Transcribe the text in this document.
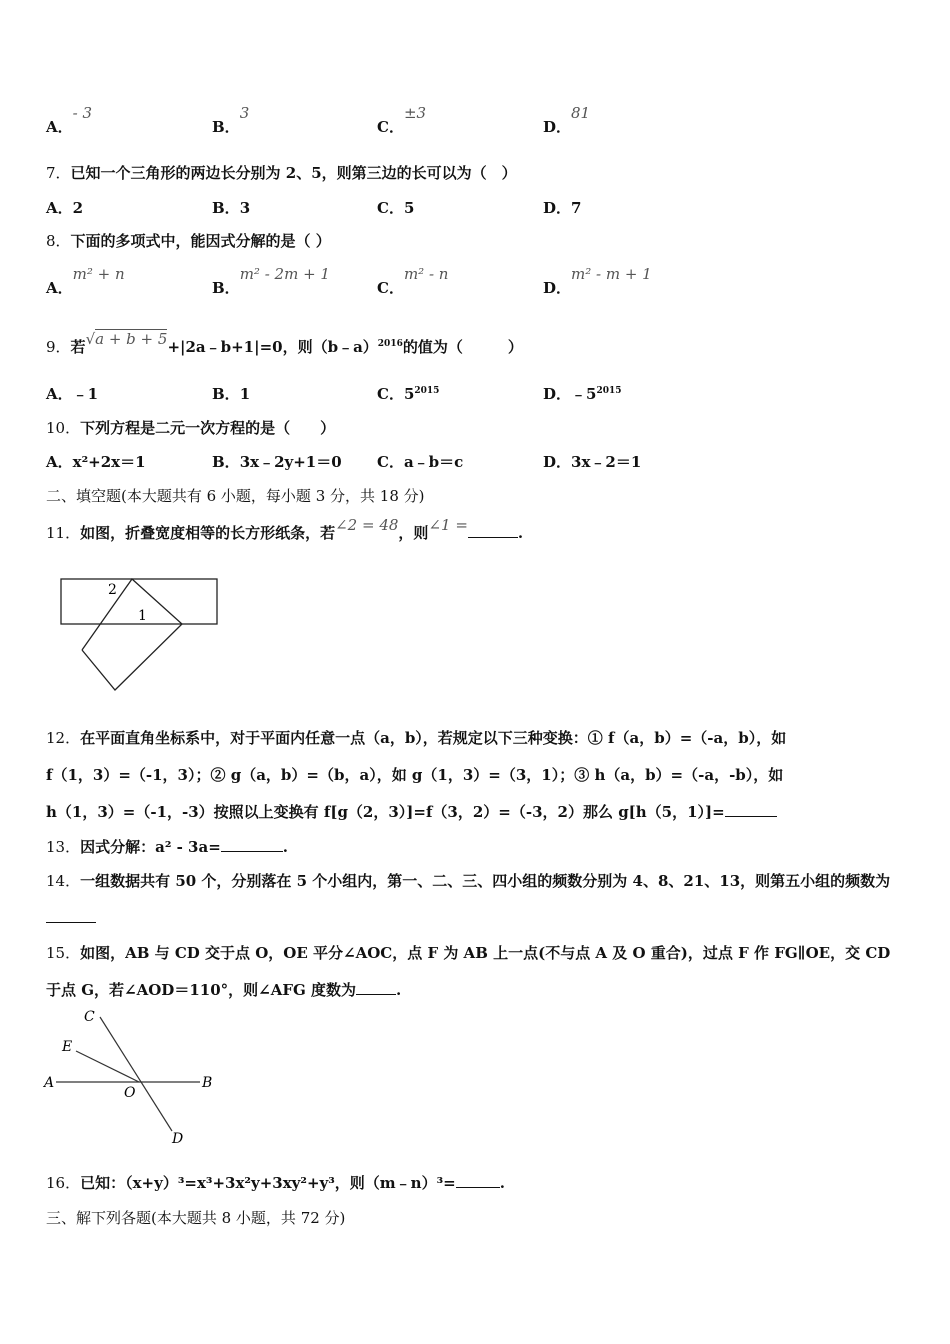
A．- 3
B．3
C．±3
D．81
7．已知一个三角形的两边长分别为 2、5，则第三边的长可以为（　）
A．2	B．3	C．5	D．7
8．下面的多项式中，能因式分解的是（ ）
A．m² + n
B．m² - 2m + 1
C．m² - n
D．m² - m + 1
9．若√a + b + 5+|2a﹣b+1|=0，则（b﹣a）$^{2016}$的值为（　　　）
A．﹣1	B．1	C．$5^{2015}$	D．$﹣5^{2015}$
10．下列方程是二元一次方程的是（　　）
A．x²+2x＝1	B．3x﹣2y+1＝0 C．a﹣b＝c	D．3x﹣2＝1
二、填空题(本大题共有 6 小题，每小题 3 分，共 18 分)
11．如图，折叠宽度相等的长方形纸条，若∠2 = 48，则∠1 =	.
2
1
12．在平面直角坐标系中，对于平面内任意一点（a，b），若规定以下三种变换：① f（a，b）=（-a，b），如
f（1，3）=（-1，3）；② g（a，b）=（b，a），如 g（1，3）=（3，1）；③ h（a，b）=（-a，-b），如
h（1，3）=（-1，-3）按照以上变换有 f[g（2，3）]=f（3，2）=（-3，2）那么 g[h（5，1）]=
13．因式分解：a² - 3a=	.
14．一组数据共有 50 个，分别落在 5 个小组内，第一、二、三、四小组的频数分别为 4、8、21、13，则第五小组的频数为
15．如图，AB 与 CD 交于点 O，OE 平分∠AOC，点 F 为 AB 上一点(不与点 A 及 O 重合)，过点 F 作 FG∥OE，交 CD
于点 G，若∠AOD＝110°，则∠AFG 度数为	.
C
E
A
O
B
D
16．已知：（x+y）³=x³+3x²y+3xy²+y³，则（m﹣n）³=	.
三、解下列各题(本大题共 8 小题，共 72 分)
